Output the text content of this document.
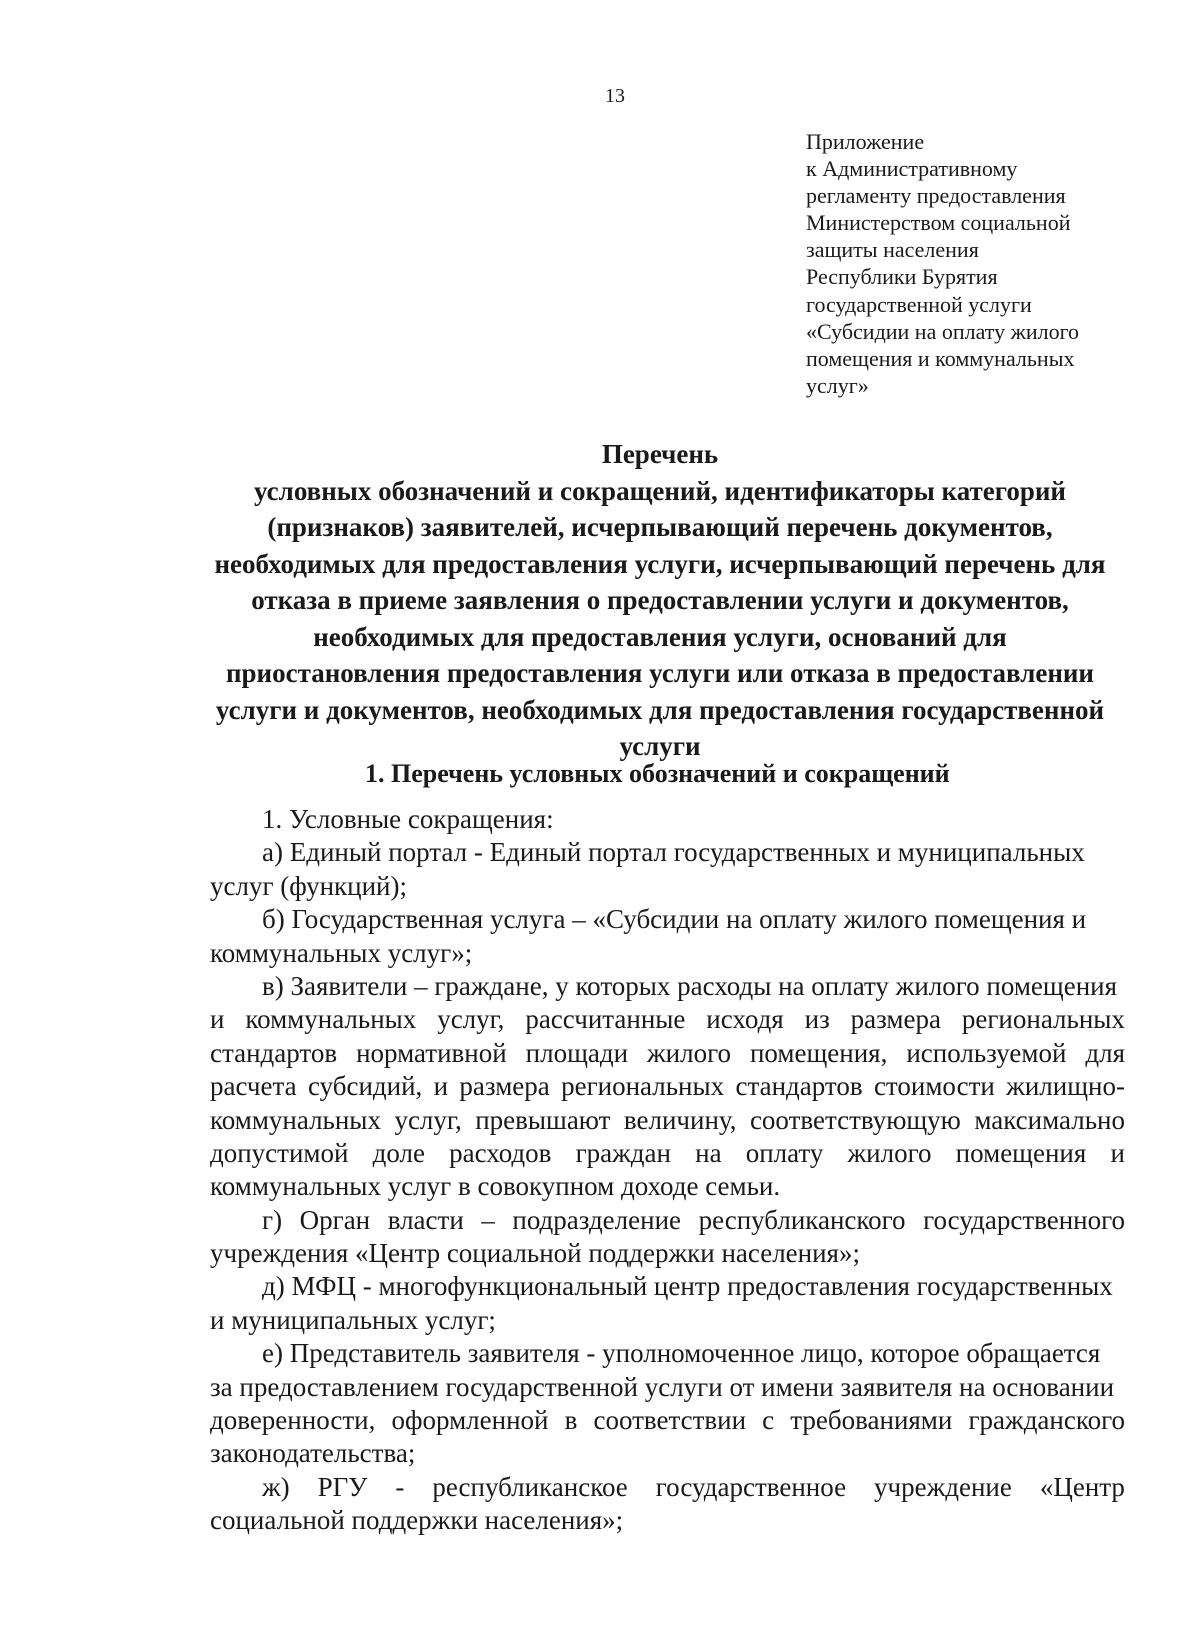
13
Приложение
к Административному
регламенту предоставления
Министерством социальной
защиты населения
Республики Бурятия
государственной услуги
«Субсидии на оплату жилого
помещения и коммунальных
услуг»
Перечень
условных обозначений и сокращений, идентификаторы категорий
(признаков) заявителей, исчерпывающий перечень документов,
необходимых для предоставления услуги, исчерпывающий перечень для
отказа в приеме заявления о предоставлении услуги и документов,
необходимых для предоставления услуги, оснований для
приостановления предоставления услуги или отказа в предоставлении
услуги и документов, необходимых для предоставления государственной
услуги
1. Перечень условных обозначений и сокращений
1. Условные сокращения:
а) Единый портал - Единый портал государственных и муниципальных
услуг (функций);
б) Государственная услуга – «Субсидии на оплату жилого помещения и
коммунальных услуг»;
в) Заявители – граждане, у которых расходы на оплату жилого помещения
и коммунальных услуг, рассчитанные исходя из размера региональных
стандартов нормативной площади жилого помещения, используемой для
расчета субсидий, и размера региональных стандартов стоимости жилищно-
коммунальных услуг, превышают величину, соответствующую максимально
допустимой доле расходов граждан на оплату жилого помещения и
коммунальных услуг в совокупном доходе семьи.
г) Орган власти – подразделение республиканского государственного
учреждения «Центр социальной поддержки населения»;
д) МФЦ - многофункциональный центр предоставления государственных
и муниципальных услуг;
е) Представитель заявителя - уполномоченное лицо, которое обращается
за предоставлением государственной услуги от имени заявителя на основании
доверенности, оформленной в соответствии с требованиями гражданского
законодательства;
ж) РГУ - республиканское государственное учреждение «Центр
социальной поддержки населения»;
